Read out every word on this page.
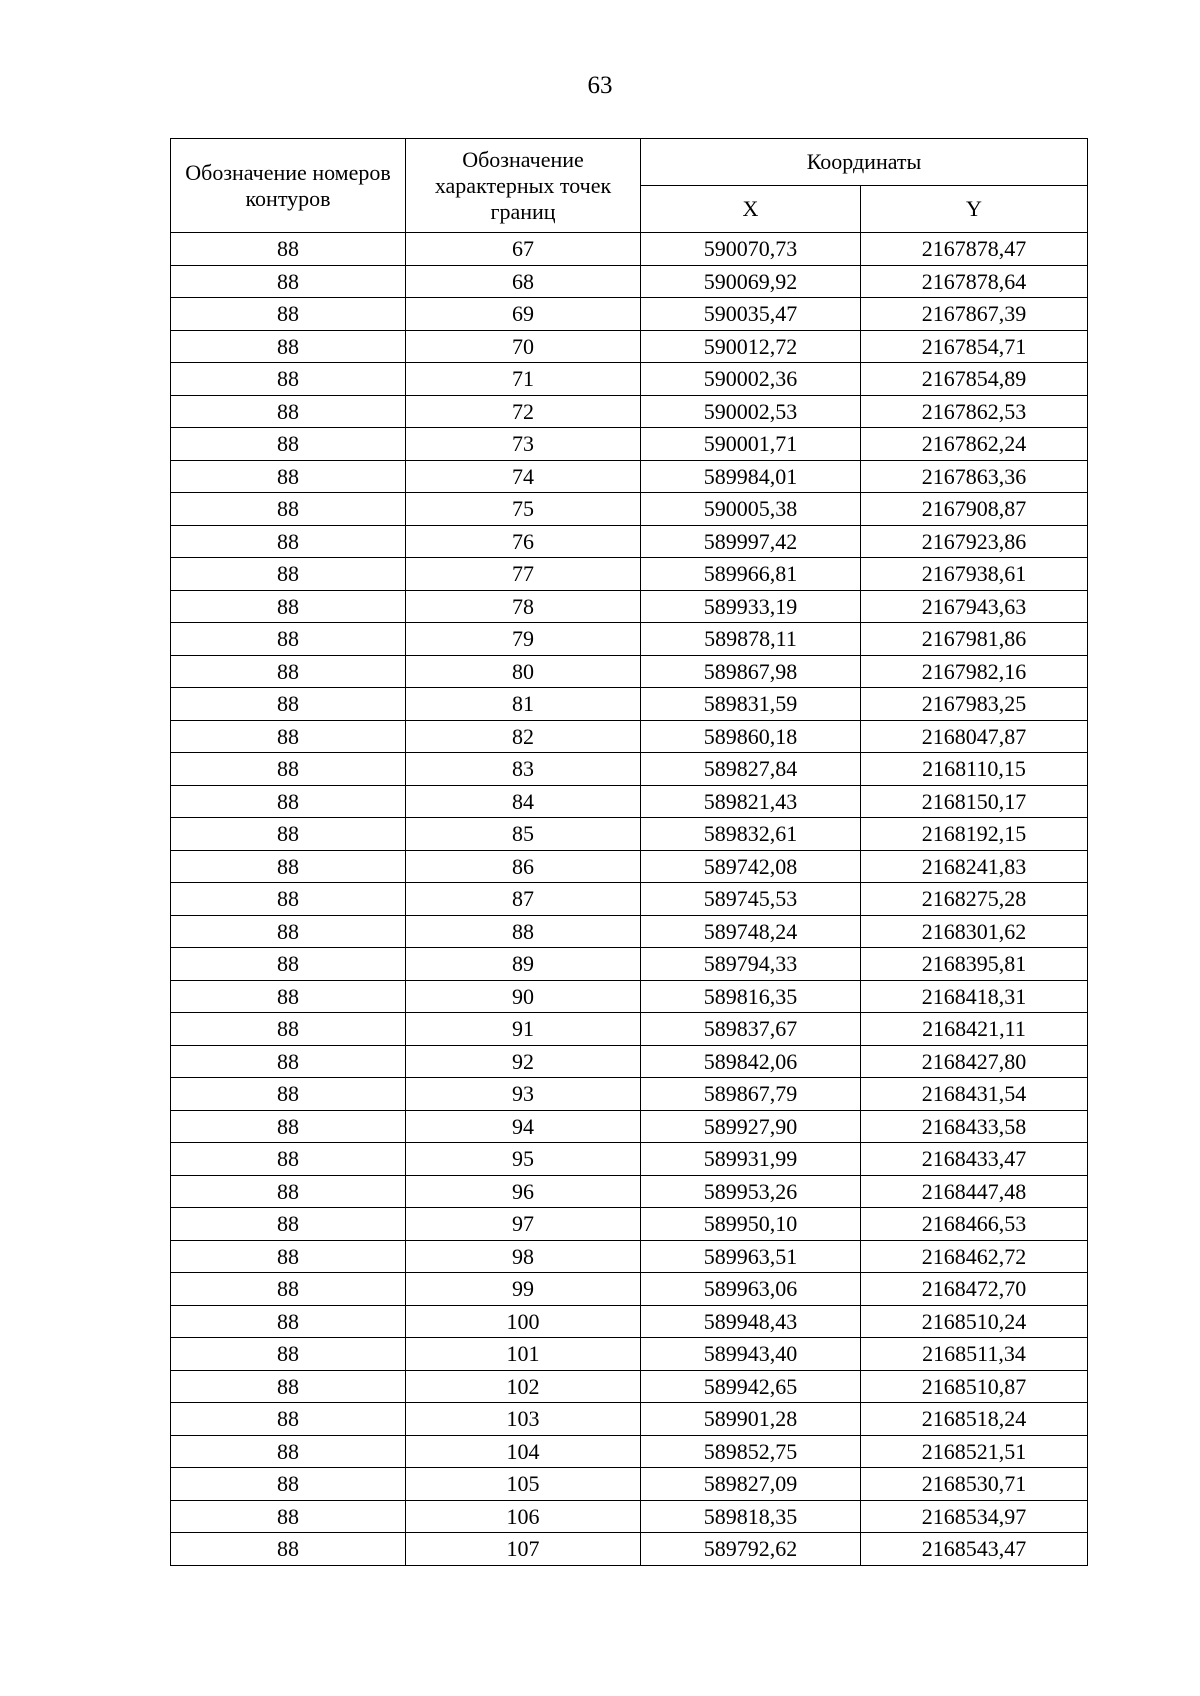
63
Обозначение номеров контуров	Обозначение характерных точек границ	Координаты	
		X	Y
88	67	590070,73	2167878,47
88	68	590069,92	2167878,64
88	69	590035,47	2167867,39
88	70	590012,72	2167854,71
88	71	590002,36	2167854,89
88	72	590002,53	2167862,53
88	73	590001,71	2167862,24
88	74	589984,01	2167863,36
88	75	590005,38	2167908,87
88	76	589997,42	2167923,86
88	77	589966,81	2167938,61
88	78	589933,19	2167943,63
88	79	589878,11	2167981,86
88	80	589867,98	2167982,16
88	81	589831,59	2167983,25
88	82	589860,18	2168047,87
88	83	589827,84	2168110,15
88	84	589821,43	2168150,17
88	85	589832,61	2168192,15
88	86	589742,08	2168241,83
88	87	589745,53	2168275,28
88	88	589748,24	2168301,62
88	89	589794,33	2168395,81
88	90	589816,35	2168418,31
88	91	589837,67	2168421,11
88	92	589842,06	2168427,80
88	93	589867,79	2168431,54
88	94	589927,90	2168433,58
88	95	589931,99	2168433,47
88	96	589953,26	2168447,48
88	97	589950,10	2168466,53
88	98	589963,51	2168462,72
88	99	589963,06	2168472,70
88	100	589948,43	2168510,24
88	101	589943,40	2168511,34
88	102	589942,65	2168510,87
88	103	589901,28	2168518,24
88	104	589852,75	2168521,51
88	105	589827,09	2168530,71
88	106	589818,35	2168534,97
88	107	589792,62	2168543,47
